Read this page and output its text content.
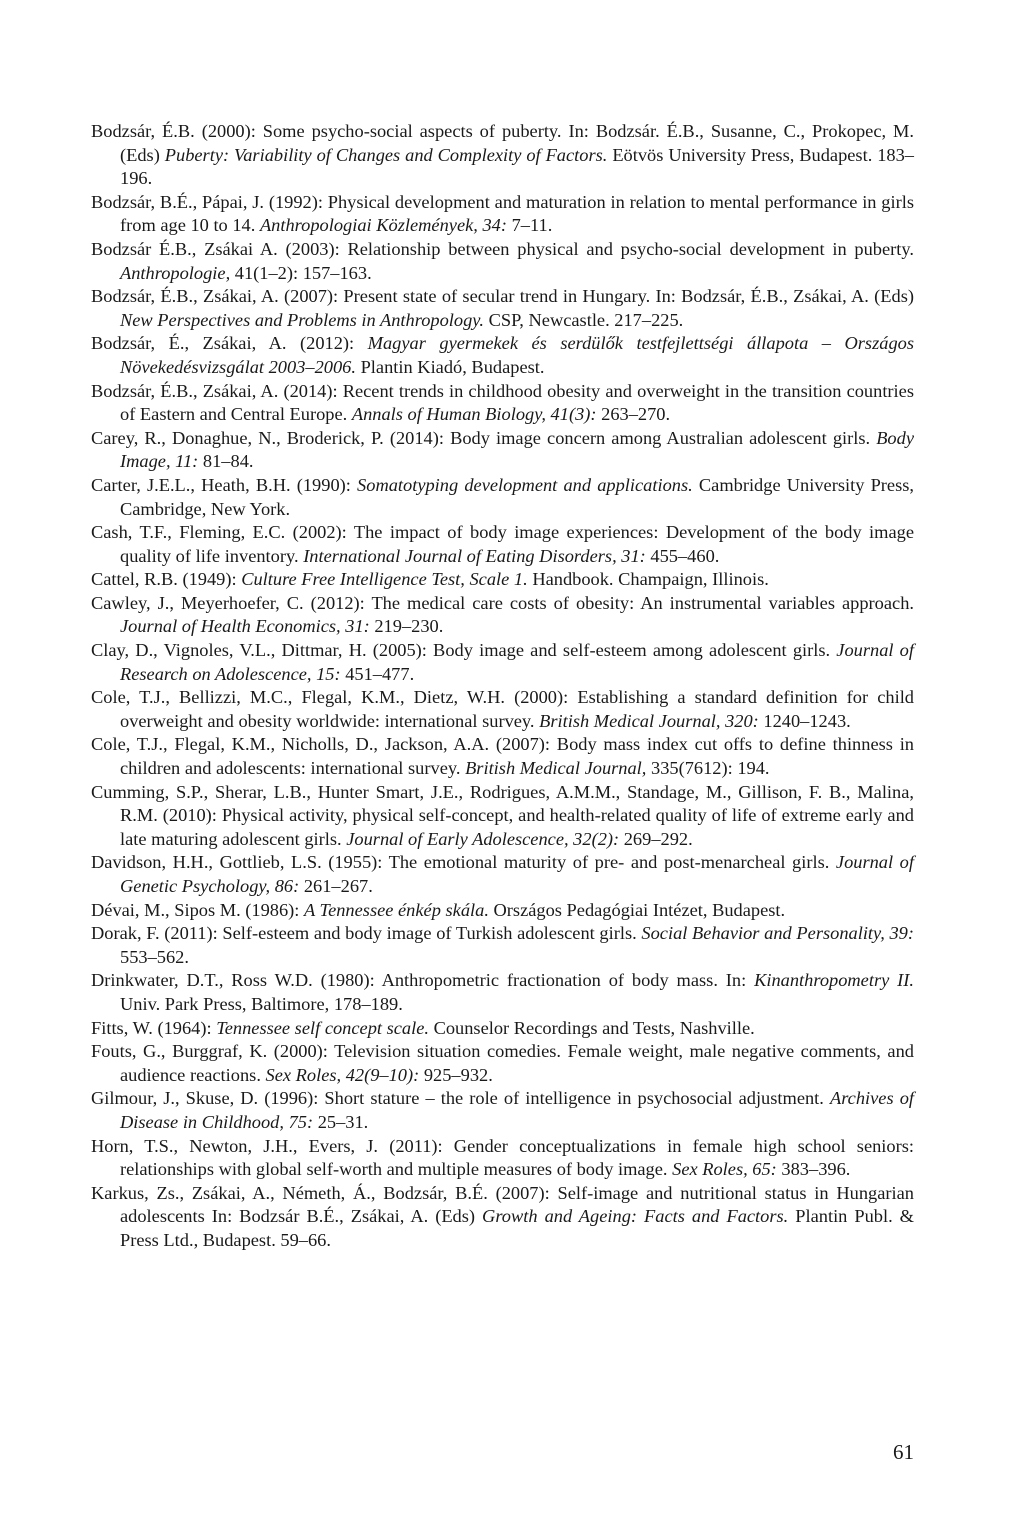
Bodzsár, É.B. (2000): Some psycho-social aspects of puberty. In: Bodzsár. É.B., Susanne, C., Prokopec, M. (Eds) Puberty: Variability of Changes and Complexity of Factors. Eötvös University Press, Budapest. 183–196.

Bodzsár, B.É., Pápai, J. (1992): Physical development and maturation in relation to mental performance in girls from age 10 to 14. Anthropologiai Közlemények, 34: 7–11.

Bodzsár É.B., Zsákai A. (2003): Relationship between physical and psycho-social development in puberty. Anthropologie, 41(1–2): 157–163.

Bodzsár, É.B., Zsákai, A. (2007): Present state of secular trend in Hungary. In: Bodzsár, É.B., Zsákai, A. (Eds) New Perspectives and Problems in Anthropology. CSP, Newcastle. 217–225.

Bodzsár, É., Zsákai, A. (2012): Magyar gyermekek és serdülők testfejlettségi állapota – Országos Növekedésvizsgálat 2003–2006. Plantin Kiadó, Budapest.

Bodzsár, É.B., Zsákai, A. (2014): Recent trends in childhood obesity and overweight in the transition countries of Eastern and Central Europe. Annals of Human Biology, 41(3): 263–270.

Carey, R., Donaghue, N., Broderick, P. (2014): Body image concern among Australian adolescent girls. Body Image, 11: 81–84.

Carter, J.E.L., Heath, B.H. (1990): Somatotyping development and applications. Cambridge University Press, Cambridge, New York.

Cash, T.F., Fleming, E.C. (2002): The impact of body image experiences: Development of the body image quality of life inventory. International Journal of Eating Disorders, 31: 455–460.

Cattel, R.B. (1949): Culture Free Intelligence Test, Scale 1. Handbook. Champaign, Illinois.

Cawley, J., Meyerhoefer, C. (2012): The medical care costs of obesity: An instrumental variables approach. Journal of Health Economics, 31: 219–230.

Clay, D., Vignoles, V.L., Dittmar, H. (2005): Body image and self-esteem among adolescent girls. Journal of Research on Adolescence, 15: 451–477.

Cole, T.J., Bellizzi, M.C., Flegal, K.M., Dietz, W.H. (2000): Establishing a standard definition for child overweight and obesity worldwide: international survey. British Medical Journal, 320: 1240–1243.

Cole, T.J., Flegal, K.M., Nicholls, D., Jackson, A.A. (2007): Body mass index cut offs to define thinness in children and adolescents: international survey. British Medical Journal, 335(7612): 194.

Cumming, S.P., Sherar, L.B., Hunter Smart, J.E., Rodrigues, A.M.M., Standage, M., Gillison, F. B., Malina, R.M. (2010): Physical activity, physical self-concept, and health-related quality of life of extreme early and late maturing adolescent girls. Journal of Early Adolescence, 32(2): 269–292.

Davidson, H.H., Gottlieb, L.S. (1955): The emotional maturity of pre- and post-menarcheal girls. Journal of Genetic Psychology, 86: 261–267.

Dévai, M., Sipos M. (1986): A Tennessee énkép skála. Országos Pedagógiai Intézet, Budapest.

Dorak, F. (2011): Self-esteem and body image of Turkish adolescent girls. Social Behavior and Personality, 39: 553–562.

Drinkwater, D.T., Ross W.D. (1980): Anthropometric fractionation of body mass. In: Kinanthropometry II. Univ. Park Press, Baltimore, 178–189.

Fitts, W. (1964): Tennessee self concept scale. Counselor Recordings and Tests, Nashville.

Fouts, G., Burggraf, K. (2000): Television situation comedies. Female weight, male negative comments, and audience reactions. Sex Roles, 42(9–10): 925–932.

Gilmour, J., Skuse, D. (1996): Short stature – the role of intelligence in psychosocial adjustment. Archives of Disease in Childhood, 75: 25–31.

Horn, T.S., Newton, J.H., Evers, J. (2011): Gender conceptualizations in female high school seniors: relationships with global self-worth and multiple measures of body image. Sex Roles, 65: 383–396.

Karkus, Zs., Zsákai, A., Németh, Á., Bodzsár, B.É. (2007): Self-image and nutritional status in Hungarian adolescents In: Bodzsár B.É., Zsákai, A. (Eds) Growth and Ageing: Facts and Factors. Plantin Publ. & Press Ltd., Budapest. 59–66.

61
